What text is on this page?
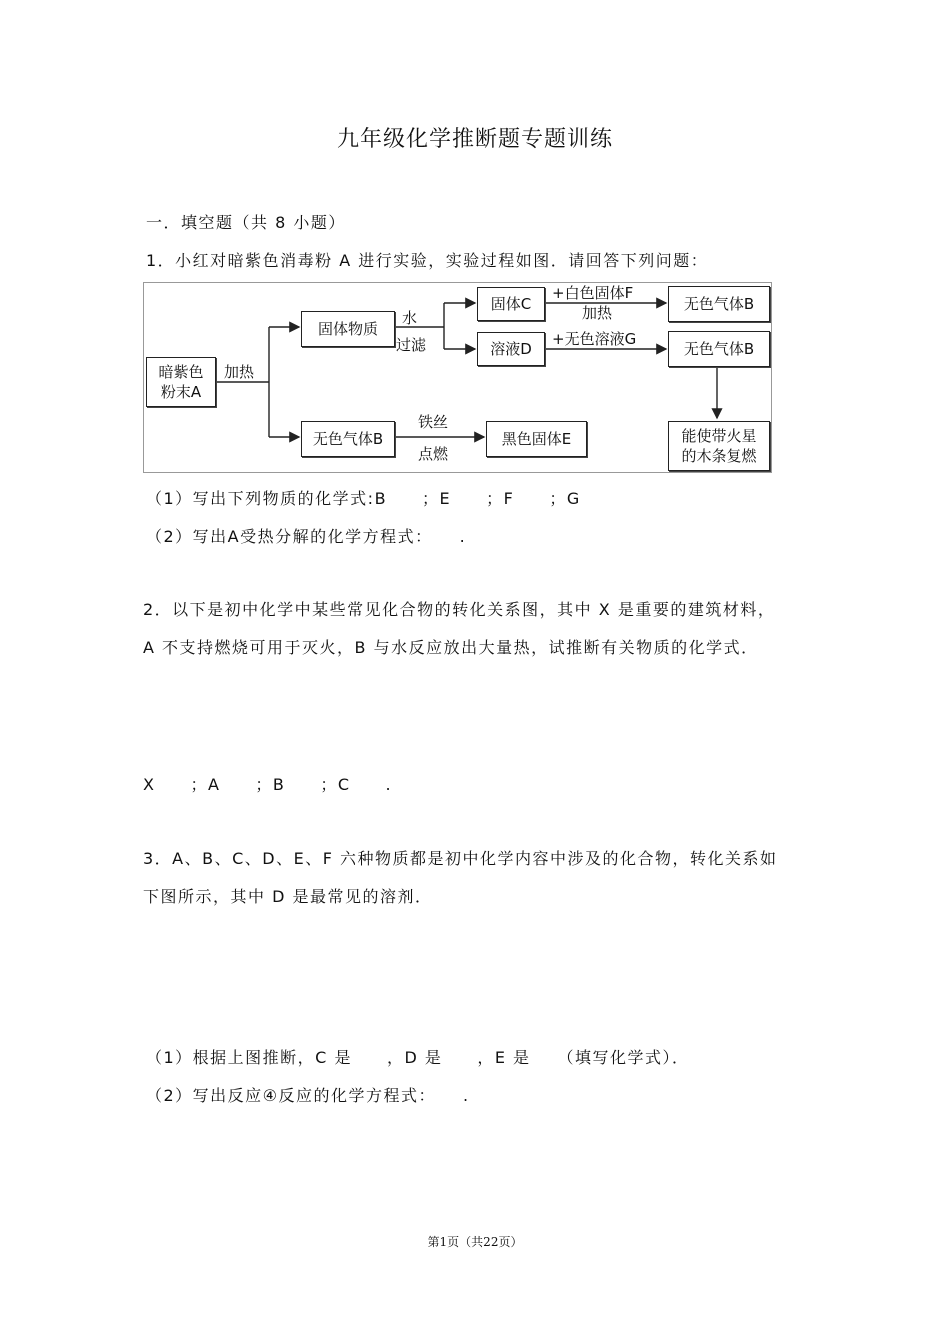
九年级化学推断题专题训练
一．填空题（共 8 小题）
1．小红对暗紫色消毒粉 A 进行实验，实验过程如图．请回答下列问题：
暗紫色
粉末A
加热
固体物质
水
过滤
固体C
+白色固体F
加热	无色气体B
溶液D
+无色溶液G
无色气体B
无色气体B
铁丝
点燃
黑色固体E	能使带火星
的木条复燃
（1）写出下列物质的化学式:B　　；E　　；F　　；G
（2）写出A受热分解的化学方程式：　　.
2．以下是初中化学中某些常见化合物的转化关系图，其中 X 是重要的建筑材料，
A 不支持燃烧可用于灭火，B 与水反应放出大量热，试推断有关物质的化学式．
X　　；A　　；B　　；C　　.
3．A、B、C、D、E、F 六种物质都是初中化学内容中涉及的化合物，转化关系如
下图所示，其中 D 是最常见的溶剂．
（1）根据上图推断，C 是　　，D 是　　，E 是　　（填写化学式）．
（2）写出反应④反应的化学方程式：　　.
第1页（共22页）
